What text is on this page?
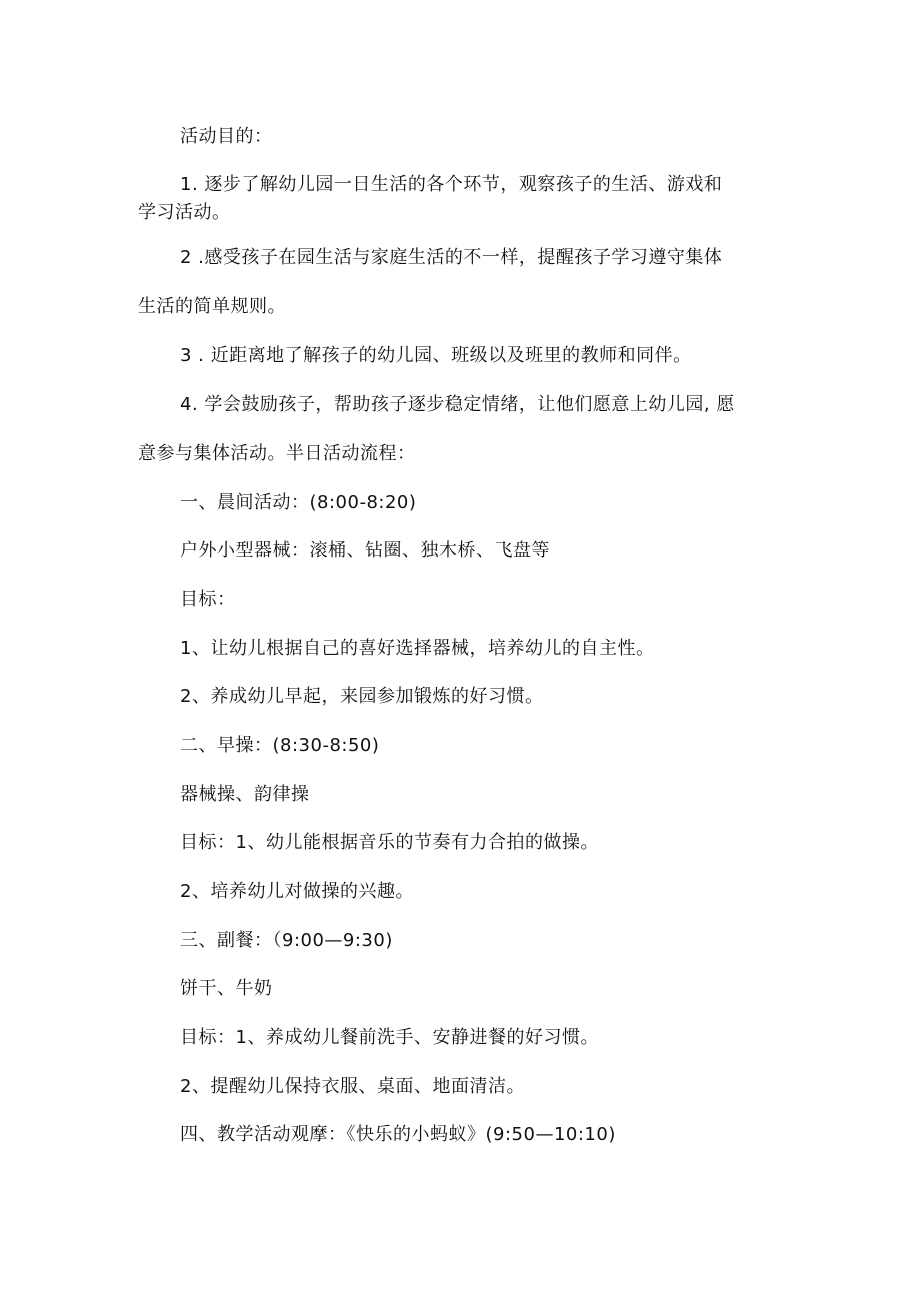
活动目的：
1. 逐步了解幼儿园一日生活的各个环节，观察孩子的生活、游戏和
学习活动。
2 .感受孩子在园生活与家庭生活的不一样，提醒孩子学习遵守集体
生活的简单规则。
3 . 近距离地了解孩子的幼儿园、班级以及班里的教师和同伴。
4. 学会鼓励孩子，帮助孩子逐步稳定情绪，让他们愿意上幼儿园, 愿
意参与集体活动。半日活动流程：
一、晨间活动：(8:00-8:20)
户外小型器械：滚桶、钻圈、独木桥、飞盘等
目标：
1、让幼儿根据自己的喜好选择器械，培养幼儿的自主性。
2、养成幼儿早起，来园参加锻炼的好习惯。
二、早操：(8:30-8:50)
器械操、韵律操
目标：1、幼儿能根据音乐的节奏有力合拍的做操。
2、培养幼儿对做操的兴趣。
三、副餐：（9:00—9:30)
饼干、牛奶
目标：1、养成幼儿餐前洗手、安静进餐的好习惯。
2、提醒幼儿保持衣服、桌面、地面清洁。
四、教学活动观摩：《快乐的小蚂蚁》(9:50—10:10)
